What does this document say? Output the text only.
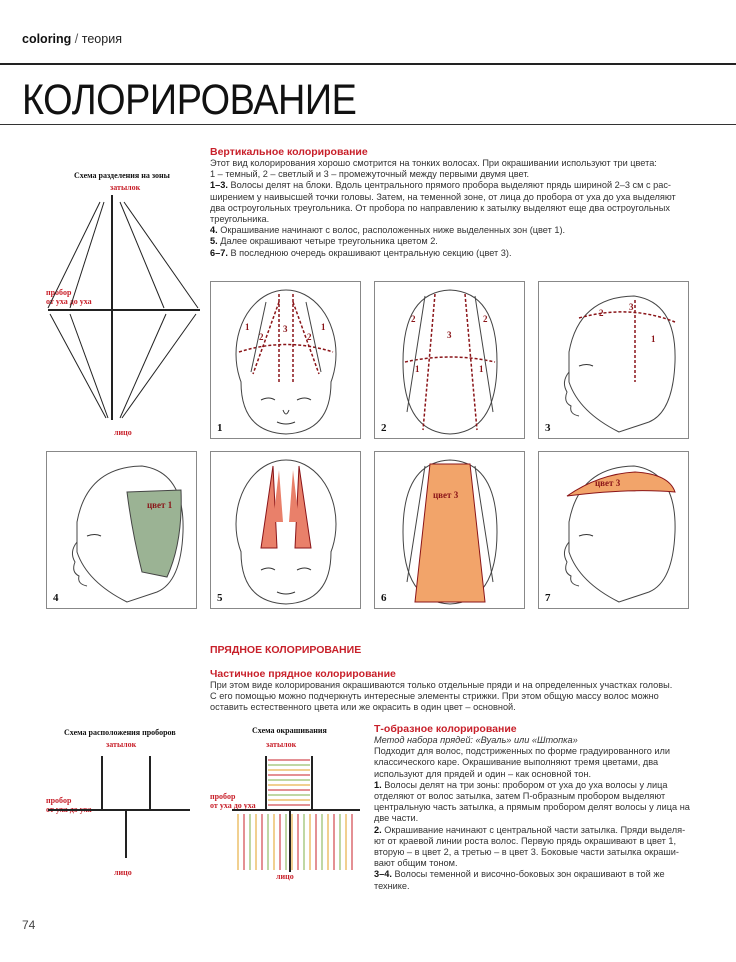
coloring / теория
КОЛОРИРОВАНИЕ
Вертикальное колорирование
Этот вид колорирования хорошо смотрится на тонких волосах. При окрашивании используют три цвета:
1 – темный, 2 – светлый и 3 – промежуточный между первыми двумя цвет.
1–3. Волосы делят на блоки. Вдоль центрального прямого пробора выделяют прядь шириной 2–3 см с рас-
ширением у наивысшей точки головы. Затем, на теменной зоне, от лица до пробора от уха до уха выделяют
два остроугольных треугольника. От пробора по направлению к затылку выделяют еще два остроугольных
треугольника.
4. Окрашивание начинают с волос, расположенных ниже выделенных зон (цвет 1).
5. Далее окрашивают четыре треугольника цветом 2.
6–7. В последнюю очередь окрашивают центральную секцию (цвет 3).
Схема разделения на зоны
затылок
пробор
от уха до уха
лицо
1
2
3
2
1
1
2
3
2
1	1
2
2
3
1
3
цвет 1
4	5
цвет 3
6
цвет 3
7
ПРЯДНОЕ КОЛОРИРОВАНИЕ
Частичное прядное колорирование
При этом виде колорирования окрашиваются только отдельные пряди и на определенных участках головы.
С его помощью можно подчеркнуть интересные элементы стрижки. При этом общую массу волос можно
оставить естественного цвета или же окрасить в один цвет – основной.
Схема расположения проборов
затылок
пробор
от уха до уха
лицо
Схема окрашивания
затылок
пробор
от уха до уха
лицо
Т-образное колорирование
Метод набора прядей: «Вуаль» или «Штопка»
Подходит для волос, подстриженных по форме градуированного или
классического каре. Окрашивание выполняют тремя цветами, два
используют для прядей и один – как основной тон.
1. Волосы делят на три зоны: пробором от уха до уха волосы у лица
отделяют от волос затылка, затем П-образным пробором выделяют
центральную часть затылка, а прямым пробором делят волосы у лица на
две части.
2. Окрашивание начинают с центральной части затылка. Пряди выделя-
ют от краевой линии роста волос. Первую прядь окрашивают в цвет 1,
вторую – в цвет 2, а третью – в цвет 3. Боковые части затылка окраши-
вают общим тоном.
3–4. Волосы теменной и височно-боковых зон окрашивают в той же
технике.
74
